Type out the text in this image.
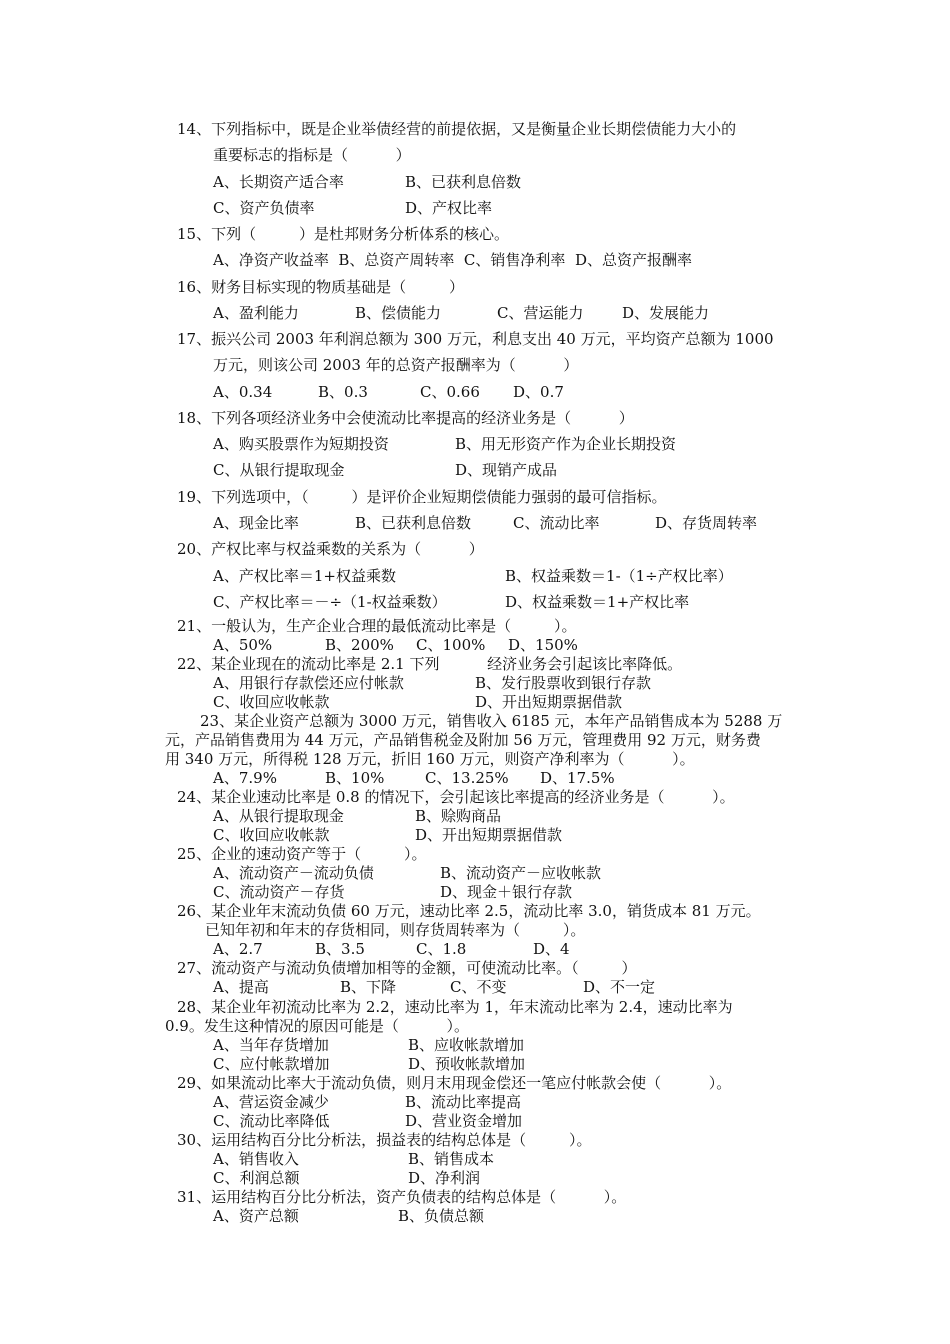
14、下列指标中，既是企业举债经营的前提依据，又是衡量企业长期偿债能力大小的
重要标志的指标是（          ）
A、长期资产适合率	B、已获利息倍数
C、资产负债率	D、产权比率
15、下列（         ）是杜邦财务分析体系的核心。
A、净资产收益率  B、总资产周转率  C、销售净利率  D、总资产报酬率
16、财务目标实现的物质基础是（         ）
A、盈利能力	B、偿债能力	C、营运能力	D、发展能力
17、振兴公司 2003 年利润总额为 300 万元，利息支出 40 万元，平均资产总额为 1000
万元，则该公司 2003 年的总资产报酬率为（          ）
A、0.34	B、0.3	C、0.66 D、0.7
18、下列各项经济业务中会使流动比率提高的经济业务是（          ）
A、购买股票作为短期投资	B、用无形资产作为企业长期投资
C、从银行提取现金	D、现销产成品
19、下列选项中，（         ）是评价企业短期偿债能力强弱的最可信指标。
A、现金比率	B、已获利息倍数	C、流动比率	D、存货周转率
20、产权比率与权益乘数的关系为（          ）
A、产权比率＝1+权益乘数	B、权益乘数＝1-（1÷产权比率）
C、产权比率＝－÷（1-权益乘数）	D、权益乘数＝1+产权比率
21、一般认为，生产企业合理的最低流动比率是（         ）。
A、50%	B、200% C、100% D、150%
22、某企业现在的流动比率是 2.1 下列          经济业务会引起该比率降低。
A、用银行存款偿还应付帐款	B、发行股票收到银行存款
C、收回应收帐款	D、开出短期票据借款
23、某企业资产总额为 3000 万元，销售收入 6185 元，本年产品销售成本为 5288 万
元，产品销售费用为 44 万元，产品销售税金及附加 56 万元，管理费用 92 万元，财务费
用 340 万元，所得税 128 万元，折旧 160 万元，则资产净利率为（          ）。
A、7.9%	B、10%	C、13.25% D、17.5%
24、某企业速动比率是 0.8 的情况下，会引起该比率提高的经济业务是（          ）。
A、从银行提取现金	B、赊购商品
C、收回应收帐款	D、开出短期票据借款
25、企业的速动资产等于（         ）。
A、流动资产－流动负债	B、流动资产－应收帐款
C、流动资产－存货	D、现金＋银行存款
26、某企业年末流动负债 60 万元，速动比率 2.5，流动比率 3.0，销货成本 81 万元。
已知年初和年末的存货相同，则存货周转率为（         ）。
A、2.7	B、3.5	C、1.8	D、4
27、流动资产与流动负债增加相等的金额，可使流动比率。（         ）
A、提高	B、下降	C、不变	D、不一定
28、某企业年初流动比率为 2.2，速动比率为 1，年末流动比率为 2.4，速动比率为
0.9。发生这种情况的原因可能是（          ）。
A、当年存货增加	B、应收帐款增加
C、应付帐款增加	D、预收帐款增加
29、如果流动比率大于流动负债，则月末用现金偿还一笔应付帐款会使（          ）。
A、营运资金减少	B、流动比率提高
C、流动比率降低	D、营业资金增加
30、运用结构百分比分析法，损益表的结构总体是（         ）。
A、销售收入	B、销售成本
C、利润总额	D、净利润
31、运用结构百分比分析法，资产负债表的结构总体是（          ）。
A、资产总额	B、负债总额
